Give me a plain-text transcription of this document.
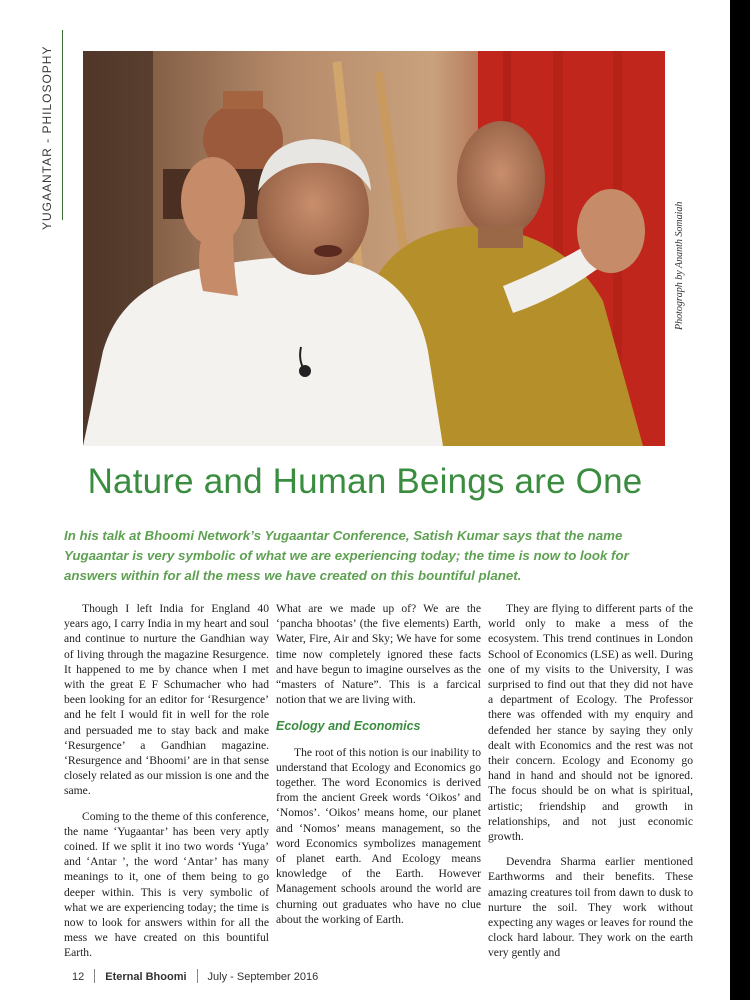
YUGAANTAR - PHILOSOPHY
Photograph by Ananth Somaiah
Nature and Human Beings are One
In his talk at Bhoomi Network’s Yugaantar Conference, Satish Kumar says that the name Yugaantar is very symbolic of what we are experiencing today; the time is now to look for answers within for all the mess we have created on this bountiful planet.

Though I left India for England 40 years ago, I carry India in my heart and soul and continue to nurture the Gandhian way of living through the magazine Resurgence. It happened to me by chance when I met with the great E F Schumacher who had been looking for an editor for ‘Resurgence’ and he felt I would fit in well for the role and persuaded me to stay back and make ‘Resurgence’ a Gandhian magazine. ‘Resurgence and ‘Bhoomi’ are in that sense closely related as our mission is one and the same.

Coming to the theme of this conference, the name ‘Yugaantar’ has been very aptly coined. If we split it ino two words ‘Yuga’ and ‘Antar ’, the word ‘Antar’ has many meanings to it, one of them being to go deeper within. This is very symbolic of what we are experiencing today; the time is now to look for answers within for all the mess we have created on this bountiful Earth.

What are we made up of? We are the ‘pancha bhootas’ (the five elements) Earth, Water, Fire, Air and Sky; We have for some time now completely ignored these facts and have begun to imagine ourselves as the “masters of Nature”. This is a farcical notion that we are living with.

Ecology and Economics

The root of this notion is our inability to understand that Ecology and Economics go together. The word Economics is derived from the ancient Greek words ‘Oikos’ and ‘Nomos’. ‘Oikos’ means home, our planet and ‘Nomos’ means management, so the word Economics symbolizes management of planet earth. And Ecology means knowledge of the Earth. However Management schools around the world are churning out graduates who have no clue about the working of Earth.

They are flying to different parts of the world only to make a mess of the ecosystem. This trend continues in London School of Economics (LSE) as well. During one of my visits to the University, I was surprised to find out that they did not have a department of Ecology. The Professor there was offended with my enquiry and defended her stance by saying they only dealt with Economics and the rest was not their concern. Ecology and Economy go hand in hand and should not be ignored. The focus should be on what is spiritual, artistic; friendship and growth in relationships, and not just economic growth.

Devendra Sharma earlier mentioned Earthworms and their benefits. These amazing creatures toil from dawn to dusk to nurture the soil. They work without expecting any wages or leaves for round the clock hard labour. They work on the earth very gently and

12 Eternal Bhoomi July - September 2016
